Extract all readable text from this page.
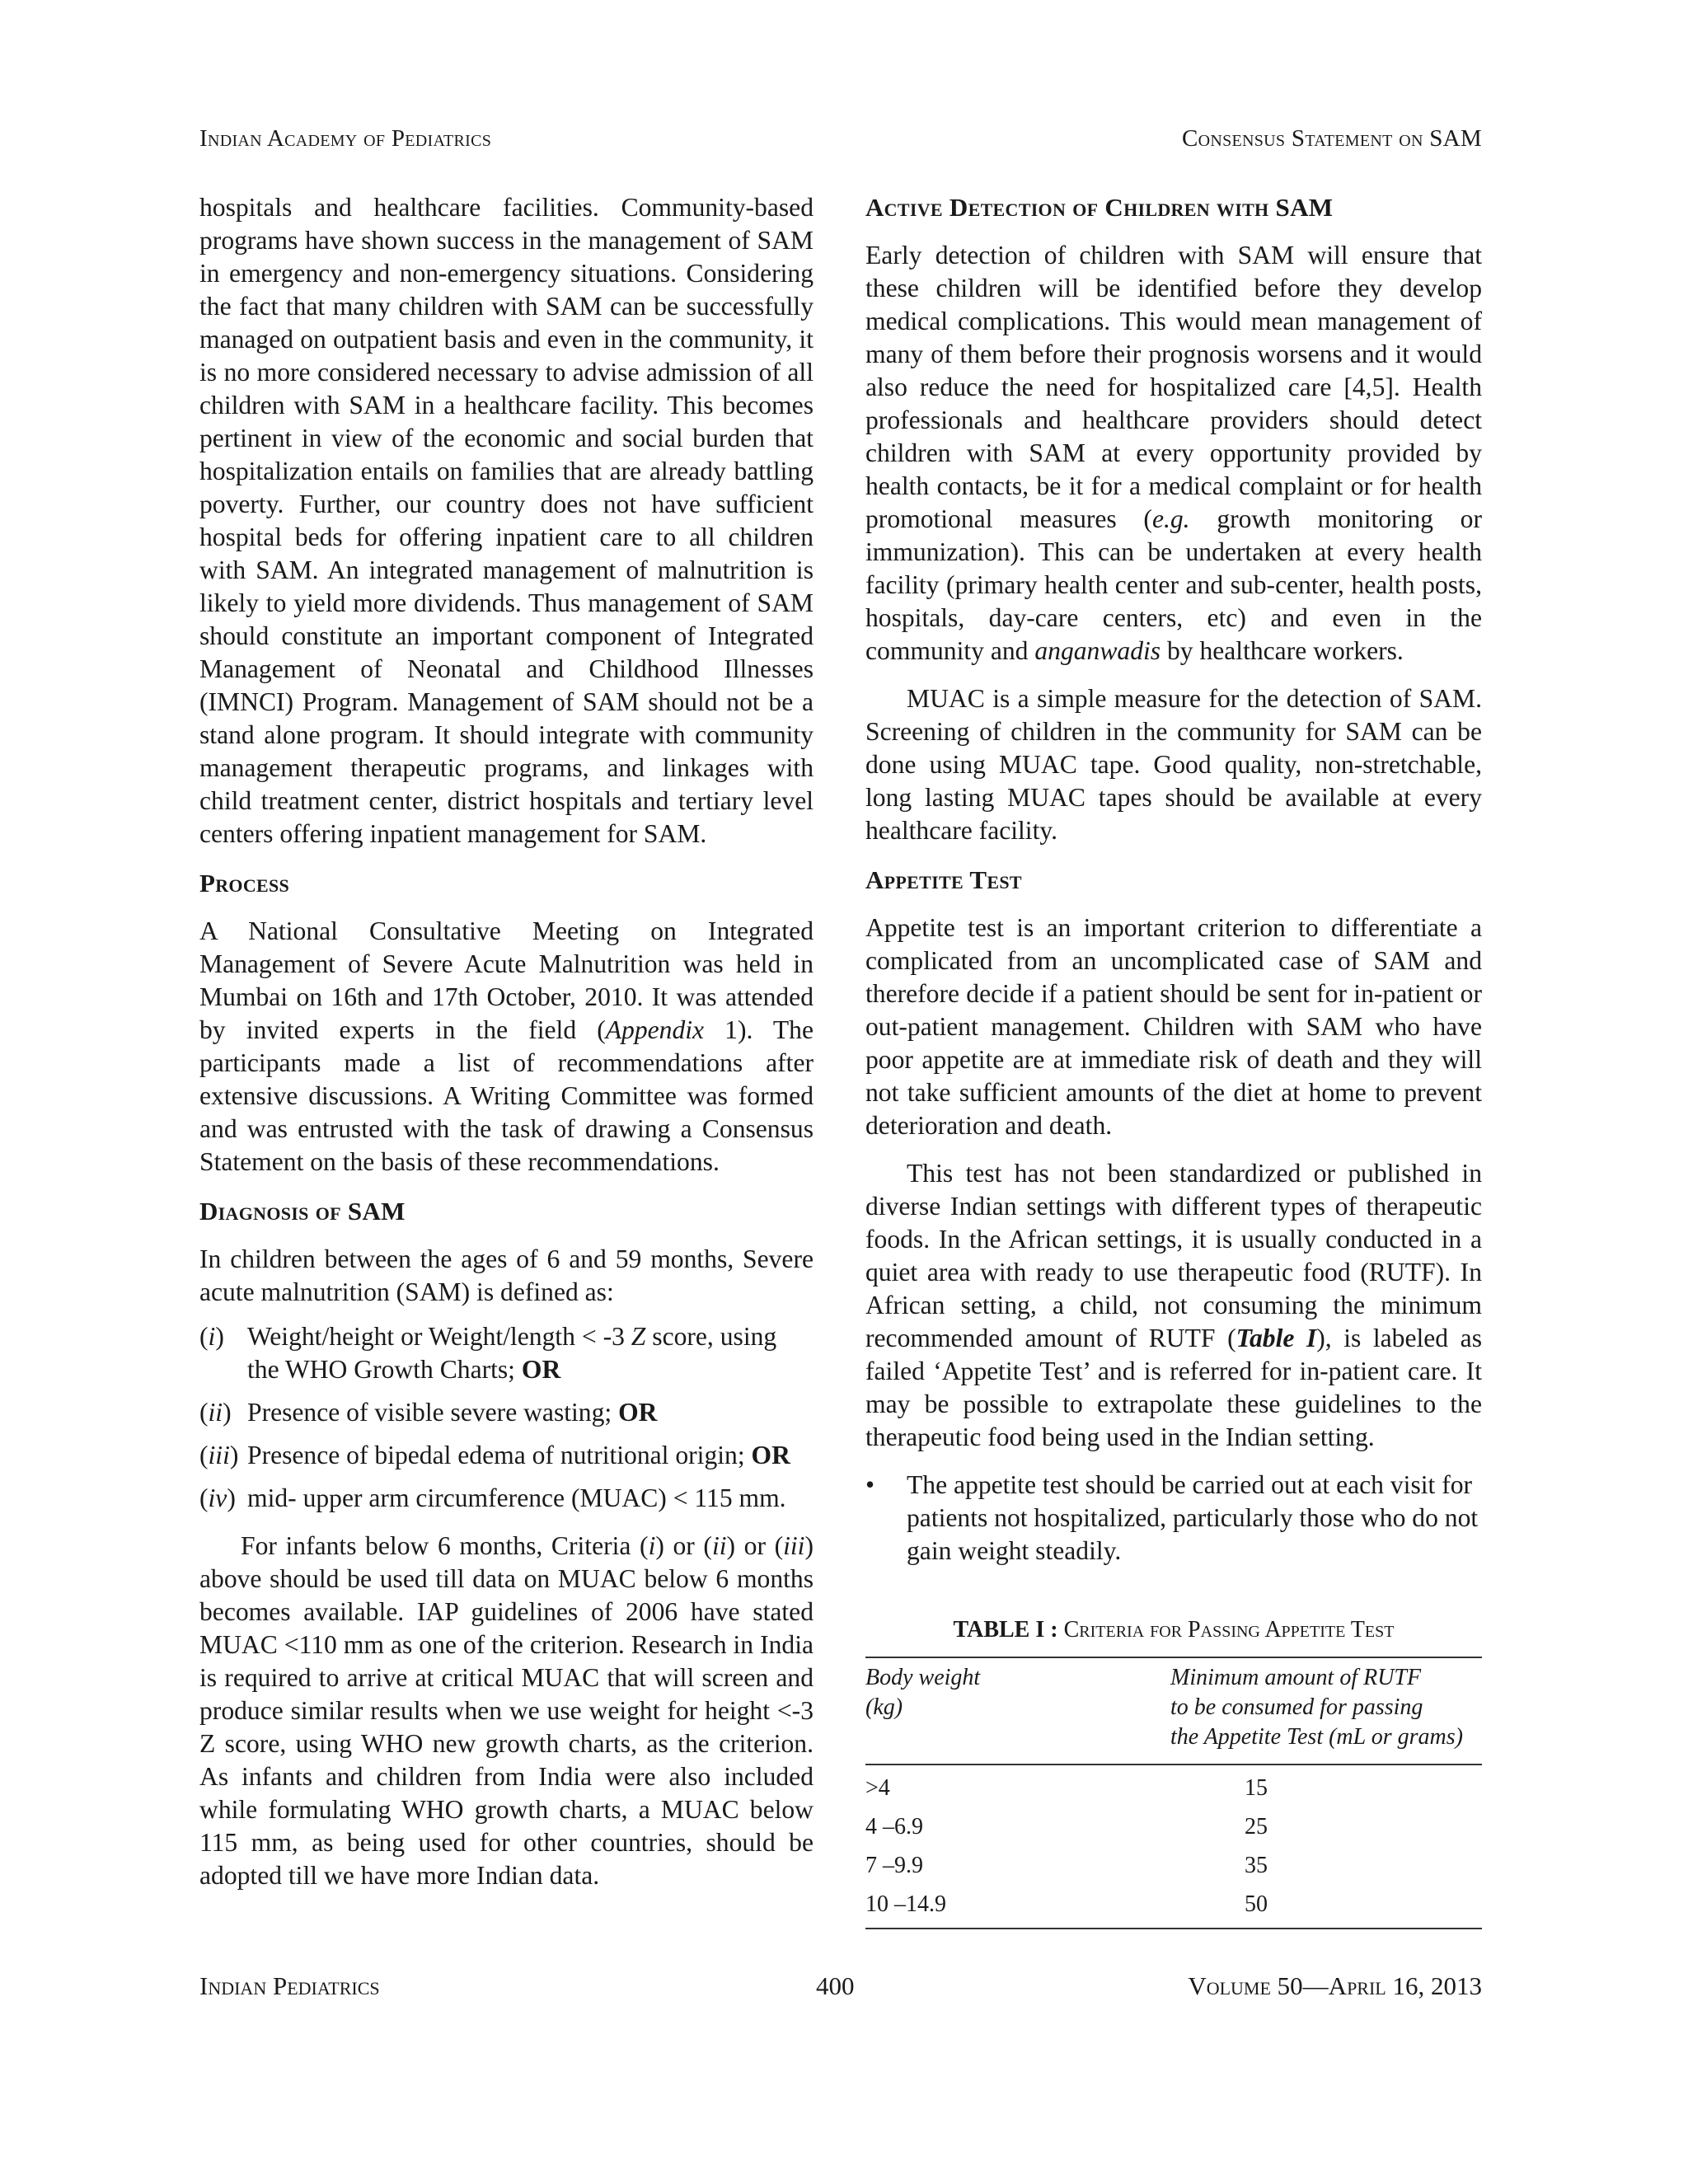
Indian Academy of Pediatrics	Consensus Statement on SAM

hospitals and healthcare facilities. Community-based programs have shown success in the management of SAM in emergency and non-emergency situations. Considering the fact that many children with SAM can be successfully managed on outpatient basis and even in the community, it is no more considered necessary to advise admission of all children with SAM in a healthcare facility. This becomes pertinent in view of the economic and social burden that hospitalization entails on families that are already battling poverty. Further, our country does not have sufficient hospital beds for offering inpatient care to all children with SAM. An integrated management of malnutrition is likely to yield more dividends. Thus management of SAM should constitute an important component of Integrated Management of Neonatal and Childhood Illnesses (IMNCI) Program. Management of SAM should not be a stand alone program. It should integrate with community management therapeutic programs, and linkages with child treatment center, district hospitals and tertiary level centers offering inpatient management for SAM.

Process

A National Consultative Meeting on Integrated Management of Severe Acute Malnutrition was held in Mumbai on 16th and 17th October, 2010. It was attended by invited experts in the field (Appendix 1). The participants made a list of recommendations after extensive discussions. A Writing Committee was formed and was entrusted with the task of drawing a Consensus Statement on the basis of these recommendations.

Diagnosis of SAM

In children between the ages of 6 and 59 months, Severe acute malnutrition (SAM) is defined as:

(i) Weight/height or Weight/length < -3 Z score, using the WHO Growth Charts; OR
(ii) Presence of visible severe wasting; OR
(iii) Presence of bipedal edema of nutritional origin; OR
(iv) mid- upper arm circumference (MUAC) < 115 mm.

For infants below 6 months, Criteria (i) or (ii) or (iii) above should be used till data on MUAC below 6 months becomes available. IAP guidelines of 2006 have stated MUAC <110 mm as one of the criterion. Research in India is required to arrive at critical MUAC that will screen and produce similar results when we use weight for height <-3 Z score, using WHO new growth charts, as the criterion. As infants and children from India were also included while formulating WHO growth charts, a MUAC below 115 mm, as being used for other countries, should be adopted till we have more Indian data.

Active Detection of Children with SAM

Early detection of children with SAM will ensure that these children will be identified before they develop medical complications. This would mean management of many of them before their prognosis worsens and it would also reduce the need for hospitalized care [4,5]. Health professionals and healthcare providers should detect children with SAM at every opportunity provided by health contacts, be it for a medical complaint or for health promotional measures (e.g. growth monitoring or immunization). This can be undertaken at every health facility (primary health center and sub-center, health posts, hospitals, day-care centers, etc) and even in the community and anganwadis by healthcare workers.

MUAC is a simple measure for the detection of SAM. Screening of children in the community for SAM can be done using MUAC tape. Good quality, non-stretchable, long lasting MUAC tapes should be available at every healthcare facility.

Appetite Test

Appetite test is an important criterion to differentiate a complicated from an uncomplicated case of SAM and therefore decide if a patient should be sent for in-patient or out-patient management. Children with SAM who have poor appetite are at immediate risk of death and they will not take sufficient amounts of the diet at home to prevent deterioration and death.

This test has not been standardized or published in diverse Indian settings with different types of therapeutic foods. In the African settings, it is usually conducted in a quiet area with ready to use therapeutic food (RUTF). In African setting, a child, not consuming the minimum recommended amount of RUTF (Table I), is labeled as failed ‘Appetite Test’ and is referred for in-patient care. It may be possible to extrapolate these guidelines to the therapeutic food being used in the Indian setting.

•	The appetite test should be carried out at each visit for patients not hospitalized, particularly those who do not gain weight steadily.

TABLE I : Criteria for Passing Appetite Test

Body weight
(kg)	Minimum amount of RUTF
to be consumed for passing
the Appetite Test (mL or grams)
>4	15
4 –6.9	25
7 –9.9	35
10 –14.9	50
Indian Pediatrics	400	Volume 50—April 16, 2013
